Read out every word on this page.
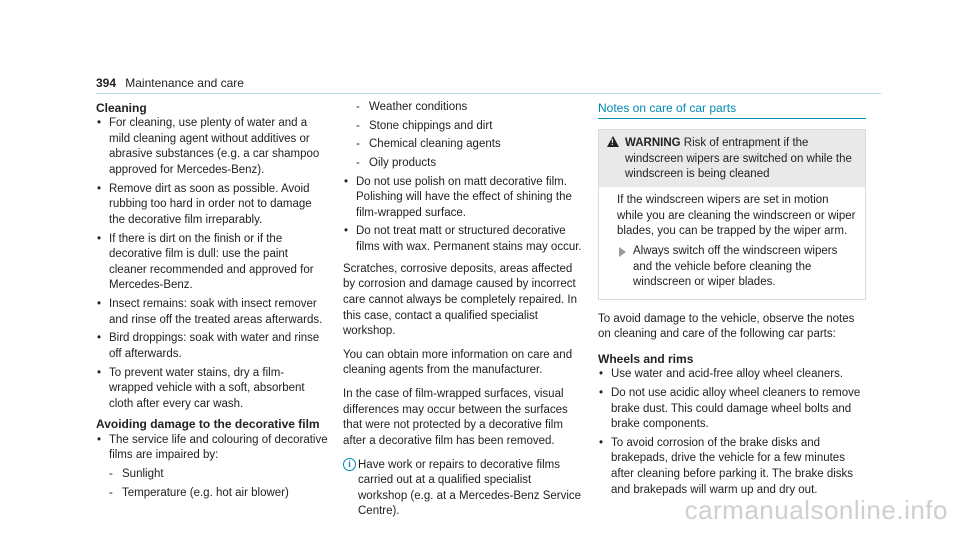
394 Maintenance and care
Cleaning
• For cleaning, use plenty of water and a mild cleaning agent without additives or abrasive substances (e.g. a car shampoo approved for Mercedes-Benz).
• Remove dirt as soon as possible. Avoid rubbing too hard in order not to damage the decorative film irreparably.
• If there is dirt on the finish or if the decorative film is dull: use the paint cleaner recommended and approved for Mercedes-Benz.
• Insect remains: soak with insect remover and rinse off the treated areas afterwards.
• Bird droppings: soak with water and rinse off afterwards.
• To prevent water stains, dry a film-wrapped vehicle with a soft, absorbent cloth after every car wash.
Avoiding damage to the decorative film
• The service life and colouring of decorative films are impaired by:
- Sunlight
- Temperature (e.g. hot air blower)
- Weather conditions
- Stone chippings and dirt
- Chemical cleaning agents
- Oily products
• Do not use polish on matt decorative film. Polishing will have the effect of shining the film-wrapped surface.
• Do not treat matt or structured decorative films with wax. Permanent stains may occur.

Scratches, corrosive deposits, areas affected by corrosion and damage caused by incorrect care cannot always be completely repaired. In this case, contact a qualified specialist workshop.

You can obtain more information on care and cleaning agents from the manufacturer.

In the case of film-wrapped surfaces, visual differences may occur between the surfaces that were not protected by a decorative film after a decorative film has been removed.

i Have work or repairs to decorative films carried out at a qualified specialist workshop (e.g. at a Mercedes-Benz Service Centre).
Notes on care of car parts
! WARNING Risk of entrapment if the windscreen wipers are switched on while the windscreen is being cleaned
If the windscreen wipers are set in motion while you are cleaning the windscreen or wiper blades, you can be trapped by the wiper arm.
Always switch off the windscreen wipers and the vehicle before cleaning the windscreen or wiper blades.

To avoid damage to the vehicle, observe the notes on cleaning and care of the following car parts:

Wheels and rims
• Use water and acid-free alloy wheel cleaners.
• Do not use acidic alloy wheel cleaners to remove brake dust. This could damage wheel bolts and brake components.
• To avoid corrosion of the brake disks and brakepads, drive the vehicle for a few minutes after cleaning before parking it. The brake disks and brakepads will warm up and dry out.
carmanualsonline.info
